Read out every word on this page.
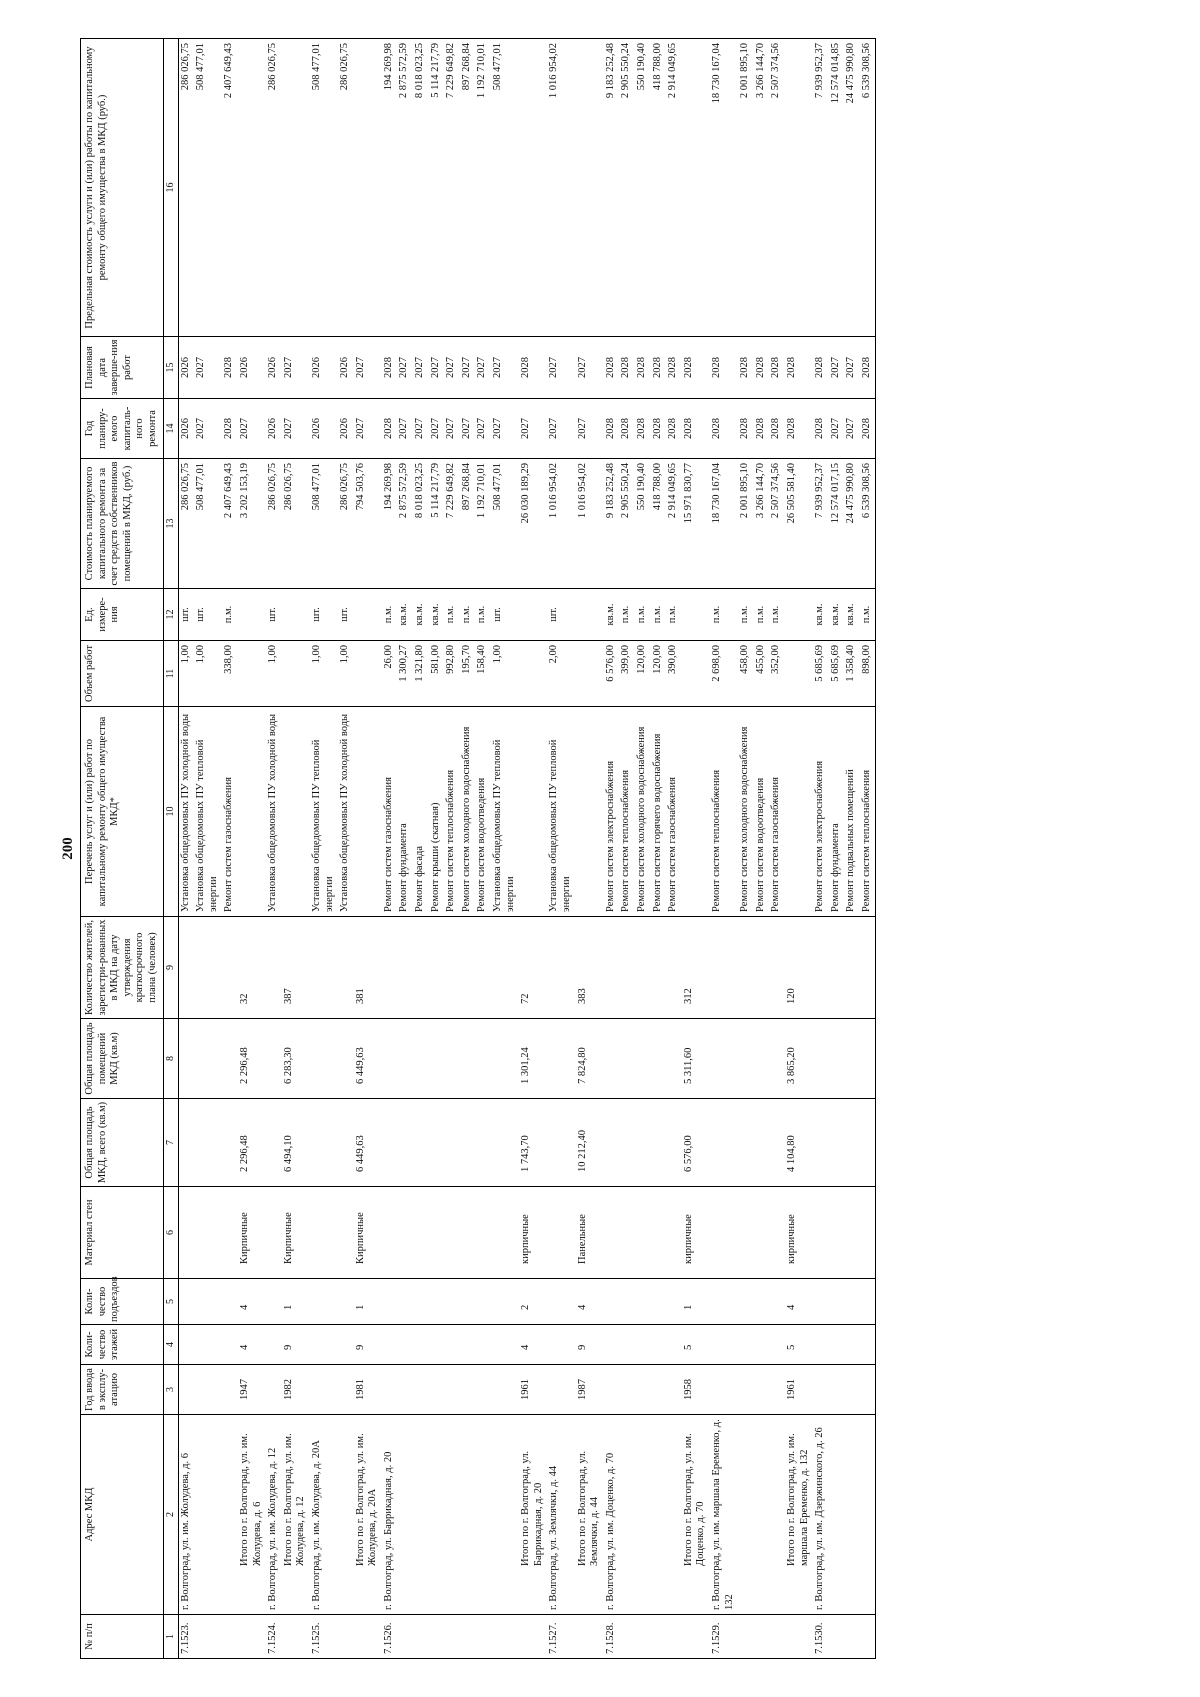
200
№ п/п	Адрес МКД	Год ввода в эксплу-атацию	Коли-чество этажей	Коли-чество подъездов	Материал стен	Общая площадь МКД, всего (кв.м)	Общая площадь помещений МКД (кв.м)	Количество жителей, зарегистри-рованных в МКД на дату утверждения краткосрочного плана (человек)	Перечень услуг и (или) работ по капитальному ремонту общего имущества МКД*	Объем работ	Ед. измере-ния	Стоимость планируемого капитального ремонта за счет средств собственников помещений в МКД, (руб.)	Год планиру-емого капиталь-ного ремонта	Плановая дата заверше-ния работ	Предельная стоимость услуги и (или) работы по капитальному ремонту общего имущества в МКД (руб.)
1	2	3	4	5	6	7	8	9	10	11	12	13	14	15	16
7.1523.	г. Волгоград, ул. им. Жолудева, д. 6								Установка общедомовых ПУ холодной воды	1,00	шт.	286 026,75	2026	2026	286 026,75
									Установка общедомовых ПУ тепловой энергии	1,00	шт.	508 477,01	2027	2027	508 477,01
									Ремонт систем газоснабжения	338,00	п.м.	2 407 649,43	2028	2028	2 407 649,43
	Итого по г. Волгоград, ул. им. Жолудева, д. 6	1947	4	4	Кирпичные	2 296,48	2 296,48	32				3 202 153,19	2027	2026	
7.1524.	г. Волгоград, ул. им. Жолудева, д. 12								Установка общедомовых ПУ холодной воды	1,00	шт.	286 026,75	2026	2026	286 026,75
	Итого по г. Волгоград, ул. им. Жолудева, д. 12	1982	9	1	Кирпичные	6 494,10	6 283,30	387				286 026,75	2027	2027	
7.1525.	г. Волгоград, ул. им. Жолудева, д. 20А								Установка общедомовых ПУ тепловой энергии	1,00	шт.	508 477,01	2026	2026	508 477,01
									Установка общедомовых ПУ холодной воды	1,00	шт.	286 026,75	2026	2026	286 026,75
	Итого по г. Волгоград, ул. им. Жолудева, д. 20А	1981	9	1	Кирпичные	6 449,63	6 449,63	381				794 503,76	2027	2027	
7.1526.	г. Волгоград, ул. Баррикадная, д. 20								Ремонт систем газоснабжения	26,00	п.м.	194 269,98	2028	2028	194 269,98
									Ремонт фундамента	1 300,27	кв.м.	2 875 572,59	2027	2027	2 875 572,59
									Ремонт фасада	1 321,80	кв.м.	8 018 023,25	2027	2027	8 018 023,25
									Ремонт крыши (скатная)	581,00	кв.м.	5 114 217,79	2027	2027	5 114 217,79
									Ремонт систем теплоснабжения	992,80	п.м.	7 229 649,82	2027	2027	7 229 649,82
									Ремонт систем холодного водоснабжения	195,70	п.м.	897 268,84	2027	2027	897 268,84
									Ремонт систем водоотведения	158,40	п.м.	1 192 710,01	2027	2027	1 192 710,01
									Установка общедомовых ПУ тепловой энергии	1,00	шт.	508 477,01	2027	2027	508 477,01
	Итого по г. Волгоград, ул. Баррикадная, д. 20	1961	4	2	кирпичные	1 743,70	1 301,24	72				26 030 189,29	2027	2028	
7.1527.	г. Волгоград, ул. Землячки, д. 44								Установка общедомовых ПУ тепловой энергии	2,00	шт.	1 016 954,02	2027	2027	1 016 954,02
	Итого по г. Волгоград, ул. Землячки, д. 44	1987	9	4	Панельные	10 212,40	7 824,80	383				1 016 954,02	2027	2027	
7.1528.	г. Волгоград, ул. им. Доценко, д. 70								Ремонт систем электроснабжения	6 576,00	кв.м.	9 183 252,48	2028	2028	9 183 252,48
									Ремонт систем теплоснабжения	399,00	п.м.	2 905 550,24	2028	2028	2 905 550,24
									Ремонт систем холодного водоснабжения	120,00	п.м.	550 190,40	2028	2028	550 190,40
									Ремонт систем горячего водоснабжения	120,00	п.м.	418 788,00	2028	2028	418 788,00
									Ремонт систем газоснабжения	390,00	п.м.	2 914 049,65	2028	2028	2 914 049,65
	Итого по г. Волгоград, ул. им. Доценко, д. 70	1958	5	1	кирпичные	6 576,00	5 311,60	312				15 971 830,77	2028	2028	
7.1529.	г. Волгоград, ул. им. маршала Еременко, д. 132								Ремонт систем теплоснабжения	2 698,00	п.м.	18 730 167,04	2028	2028	18 730 167,04
									Ремонт систем холодного водоснабжения	458,00	п.м.	2 001 895,10	2028	2028	2 001 895,10
									Ремонт систем водоотведения	455,00	п.м.	3 266 144,70	2028	2028	3 266 144,70
									Ремонт систем газоснабжения	352,00	п.м.	2 507 374,56	2028	2028	2 507 374,56
	Итого по г. Волгоград, ул. им. маршала Еременко, д. 132	1961	5	4	кирпичные	4 104,80	3 865,20	120				26 505 581,40	2028	2028	
7.1530.	г. Волгоград, ул. им. Дзержинского, д. 26								Ремонт систем электроснабжения	5 685,69	кв.м.	7 939 952,37	2028	2028	7 939 952,37
									Ремонт фундамента	5 685,69	кв.м.	12 574 017,15	2027	2027	12 574 014,85
									Ремонт подвальных помещений	1 358,40	кв.м.	24 475 990,80	2027	2027	24 475 990,80
									Ремонт систем теплоснабжения	898,00	п.м.	6 539 308,56	2028	2028	6 539 308,56
